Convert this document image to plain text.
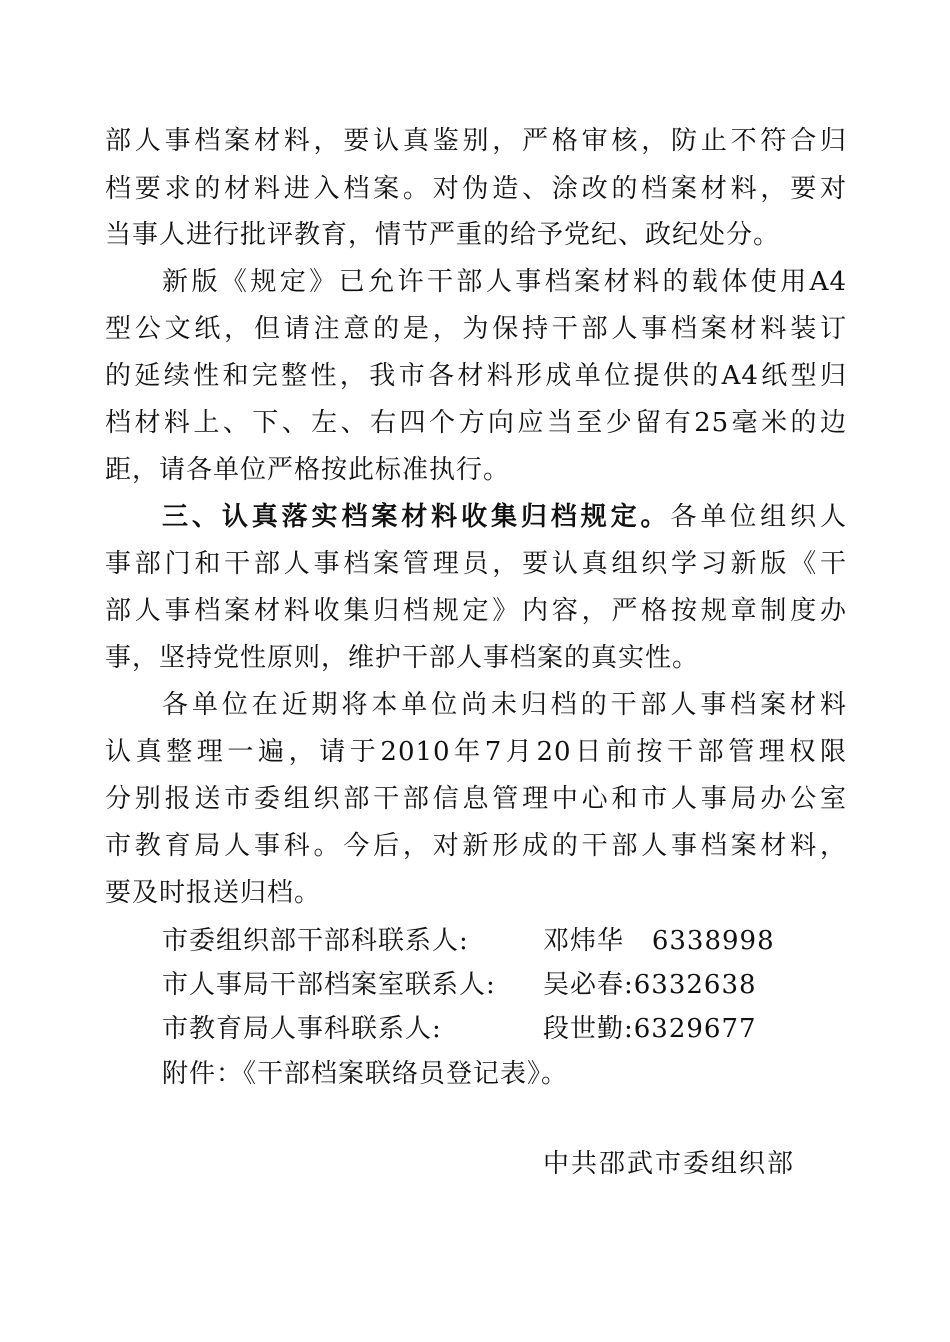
部人事档案材料，要认真鉴别，严格审核，防止不符合归
档要求的材料进入档案。对伪造、涂改的档案材料，要对
当事人进行批评教育，情节严重的给予党纪、政纪处分。
新版《规定》已允许干部人事档案材料的载体使用A4
型公文纸，但请注意的是，为保持干部人事档案材料装订
的延续性和完整性，我市各材料形成单位提供的A4纸型归
档材料上、下、左、右四个方向应当至少留有25毫米的边
距，请各单位严格按此标准执行。
三、认真落实档案材料收集归档规定。各单位组织人
事部门和干部人事档案管理员，要认真组织学习新版《干
部人事档案材料收集归档规定》内容，严格按规章制度办
事，坚持党性原则，维护干部人事档案的真实性。
各单位在近期将本单位尚未归档的干部人事档案材料
认真整理一遍，请于2010年7月20日前按干部管理权限
分别报送市委组织部干部信息管理中心和市人事局办公室
市教育局人事科。今后，对新形成的干部人事档案材料，
要及时报送归档。
市委组织部干部科联系人:	邓炜华 6338998
市人事局干部档案室联系人: 吴必春:6332638
市教育局人事科联系人:	段世勤:6329677
附件：《干部档案联络员登记表》。
中共邵武市委组织部
